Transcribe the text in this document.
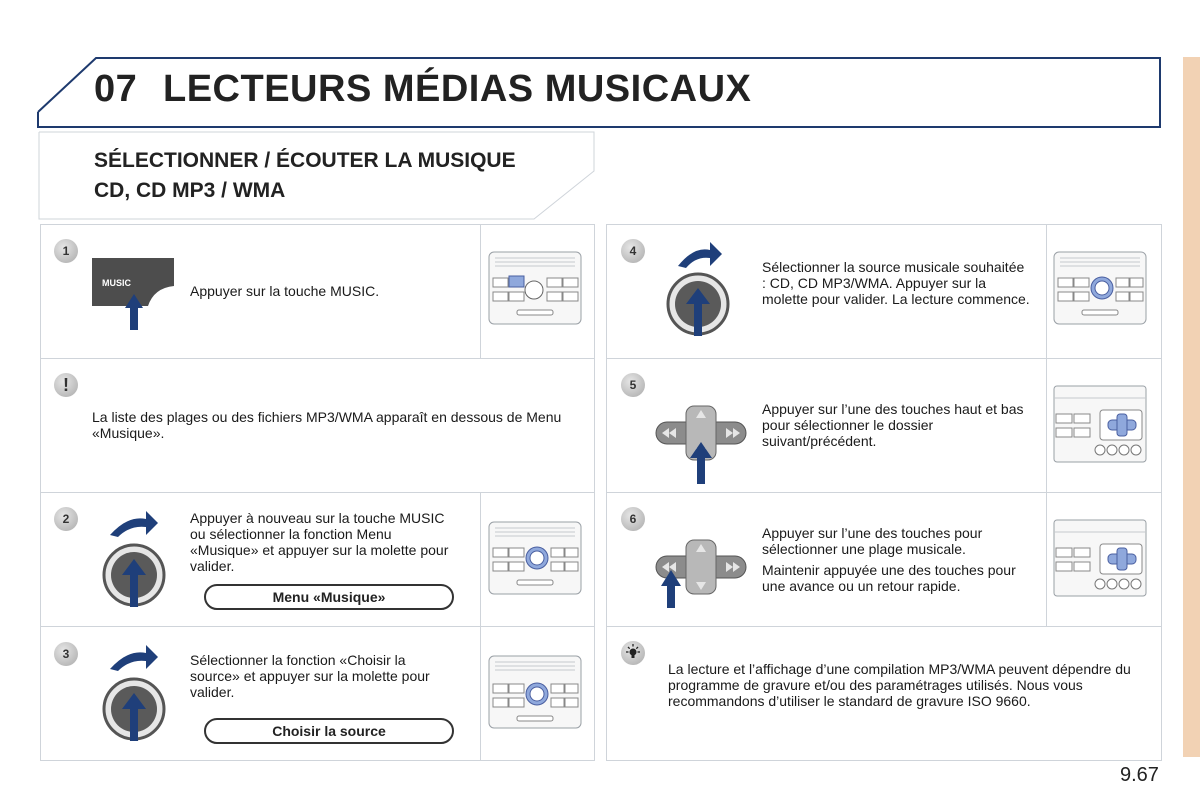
07 LECTEURS MÉDIAS MUSICAUX
SÉLECTIONNER / ÉCOUTER LA MUSIQUE
CD, CD MP3 / WMA
1
MUSIC	Appuyer sur la touche MUSIC.
!
La liste des plages ou des fichiers MP3/WMA apparaît en dessous de Menu «Musique».
2	Appuyer à nouveau sur la touche MUSIC ou sélectionner la fonction Menu «Musique» et appuyer sur la molette pour valider.
Menu «Musique»
3	Sélectionner la fonction «Choisir la source» et appuyer sur la molette pour valider.
Choisir la source
4
Sélectionner la source musicale souhaitée : CD, CD MP3/WMA. Appuyer sur la molette pour valider. La lecture commence.
5
Appuyer sur l’une des touches haut et bas pour sélectionner le dossier suivant/précédent.
6
Appuyer sur l’une des touches pour sélectionner une plage musicale.
Maintenir appuyée une des touches pour une avance ou un retour rapide.
La lecture et l’affichage d’une compilation MP3/WMA peuvent dépendre du programme de gravure et/ou des paramétrages utilisés. Nous vous recommandons d’utiliser le standard de gravure ISO 9660.
9.67
